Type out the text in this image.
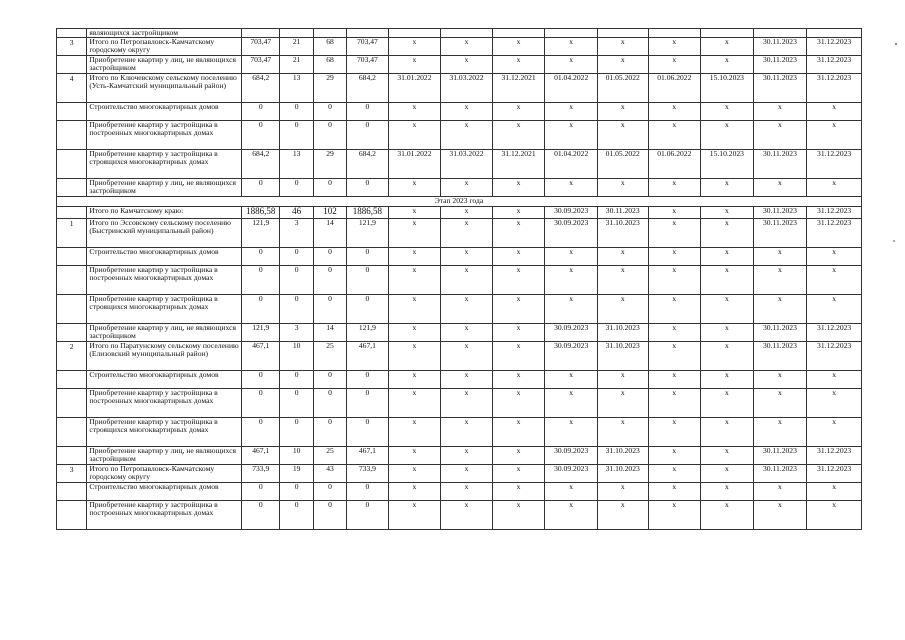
	являющихся застройщиком													
3	Итого по Петропавловск-Камчатскому городскому округу	703,47	21	68	703,47	x	x	x	x	x	x	x	30.11.2023	31.12.2023
	Приобретение квартир у лиц, не являющихся застройщиком	703,47	21	68	703,47	x	x	x	x	x	x	x	30.11.2023	31.12.2023
4	Итого по Ключевскому сельскому поселению (Усть-Камчатский муниципальный район)	684,2	13	29	684,2	31.01.2022	31.03.2022	31.12.2021	01.04.2022	01.05.2022	01.06.2022	15.10.2023	30.11.2023	31.12.2023
	Строительство многоквартирных домов	0	0	0	0	x	x	x	x	x	x	x	x	x
	Приобретение квартир у застройщика в построенных многоквартирных домах	0	0	0	0	x	x	x	x	x	x	x	x	x
	Приобретение квартир у застройщика в строящихся многоквартирных домах	684,2	13	29	684,2	31.01.2022	31.03.2022	31.12.2021	01.04.2022	01.05.2022	01.06.2022	15.10.2023	30.11.2023	31.12.2023
	Приобретение квартир у лиц, не являющихся застройщиком	0	0	0	0	x	x	x	x	x	x	x	x	x
Этап 2023 года														
	Итого по Камчатскому краю:	1886,58	46	102	1886,58	x	x	x	30.09.2023	30.11.2023	x	x	30.11.2023	31.12.2023
1	Итого по Эссовскому сельскому поселению (Быстринский муниципальный район)	121,9	3	14	121,9	x	x	x	30.09.2023	31.10.2023	x	x	30.11.2023	31.12.2023
	Строительство многоквартирных домов	0	0	0	0	x	x	x	x	x	x	x	x	x
	Приобретение квартир у застройщика в построенных многоквартирных домах	0	0	0	0	x	x	x	x	x	x	x	x	x
	Приобретение квартир у застройщика в строящихся многоквартирных домах	0	0	0	0	x	x	x	x	x	x	x	x	x
	Приобретение квартир у лиц, не являющихся застройщиком	121,9	3	14	121,9	x	x	x	30.09.2023	31.10.2023	x	x	30.11.2023	31.12.2023
2	Итого по Паратунскому сельскому поселению (Елизовский муниципальный район)	467,1	10	25	467,1	x	x	x	30.09.2023	31.10.2023	x	x	30.11.2023	31.12.2023
	Строительство многоквартирных домов	0	0	0	0	x	x	x	x	x	x	x	x	x
	Приобретение квартир у застройщика в построенных многоквартирных домах	0	0	0	0	x	x	x	x	x	x	x	x	x
	Приобретение квартир у застройщика в строящихся многоквартирных домах	0	0	0	0	x	x	x	x	x	x	x	x	x
	Приобретение квартир у лиц, не являющихся застройщиком	467,1	10	25	467,1	x	x	x	30.09.2023	31.10.2023	x	x	30.11.2023	31.12.2023
3	Итого по Петропавловск-Камчатскому городскому округу	733,9	19	43	733,9	x	x	x	30.09.2023	31.10.2023	x	x	30.11.2023	31.12.2023
	Строительство многоквартирных домов	0	0	0	0	x	x	x	x	x	x	x	x	x
	Приобретение квартир у застройщика в построенных многоквартирных домах	0	0	0	0	x	x	x	x	x	x	x	x	x
